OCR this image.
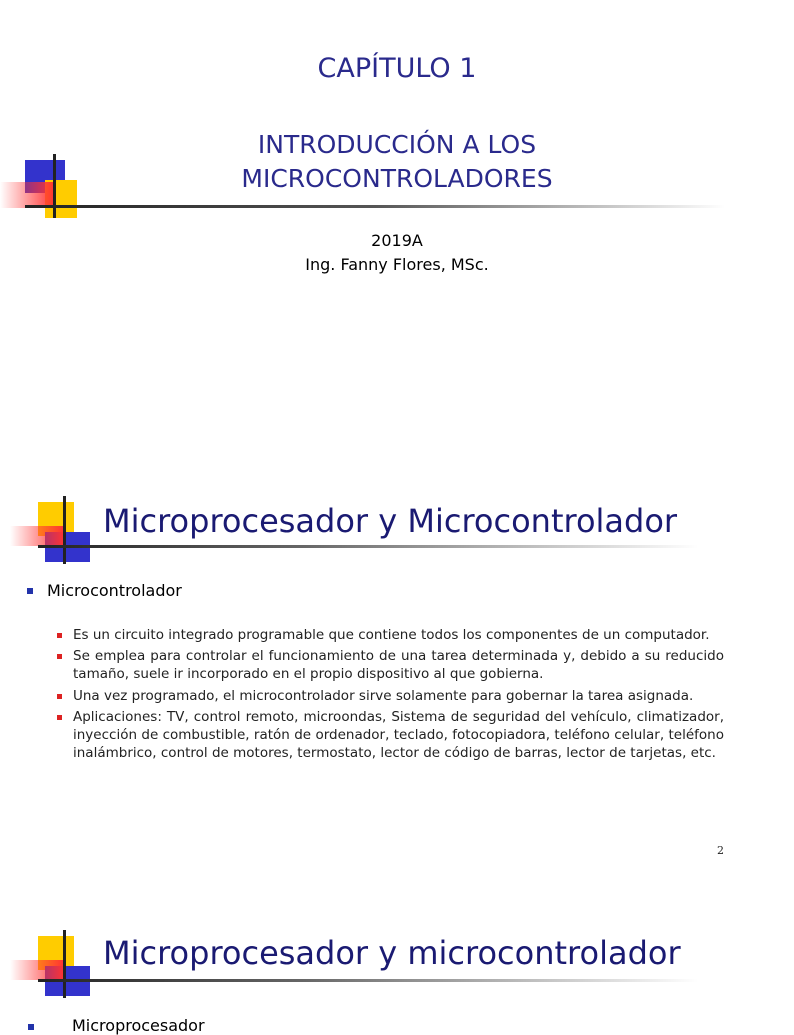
CAPÍTULO 1
INTRODUCCIÓN A LOS
MICROCONTROLADORES
2019A
Ing. Fanny Flores, MSc.
Microprocesador y Microcontrolador
Microcontrolador
Es un circuito integrado programable que contiene todos los componentes de un computador.
Se emplea para controlar el funcionamiento de una tarea determinada y, debido a su reducido tamaño, suele ir incorporado en el propio dispositivo al que gobierna.
Una vez programado, el microcontrolador sirve solamente para gobernar la tarea asignada.
Aplicaciones: TV, control remoto, microondas, Sistema de seguridad del vehículo, climatizador, inyección de combustible, ratón de ordenador, teclado, fotocopiadora, teléfono celular, teléfono inalámbrico, control de motores, termostato, lector de código de barras, lector de tarjetas, etc.
2
Microprocesador y microcontrolador
Microprocesador
